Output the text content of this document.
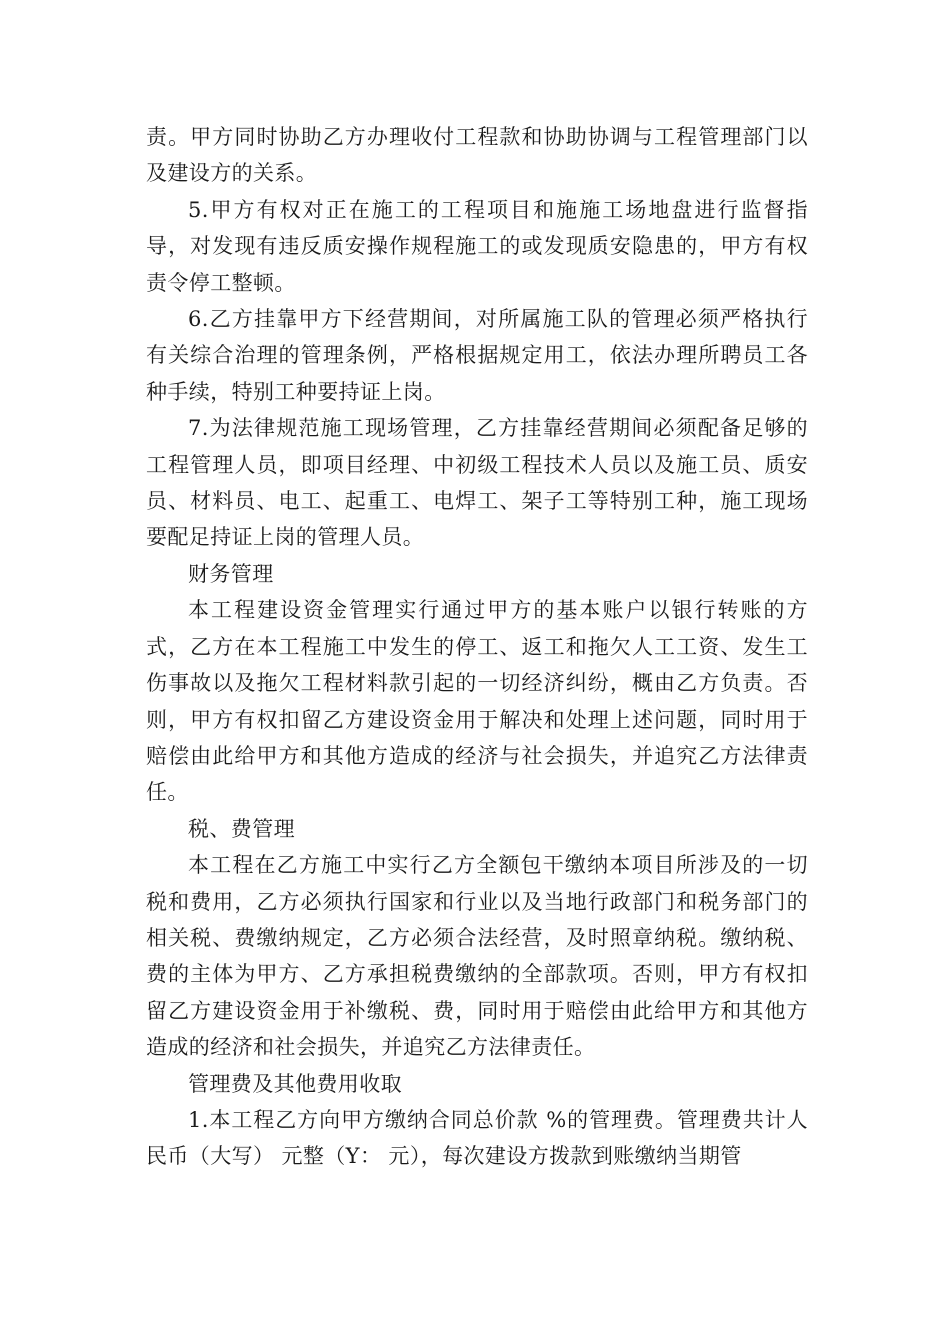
责。甲方同时协助乙方办理收付工程款和协助协调与工程管理部门以及建设方的关系。

5.甲方有权对正在施工的工程项目和施施工场地盘进行监督指导，对发现有违反质安操作规程施工的或发现质安隐患的，甲方有权责令停工整顿。

6.乙方挂靠甲方下经营期间，对所属施工队的管理必须严格执行有关综合治理的管理条例，严格根据规定用工，依法办理所聘员工各种手续，特别工种要持证上岗。

7.为法律规范施工现场管理，乙方挂靠经营期间必须配备足够的工程管理人员，即项目经理、中初级工程技术人员以及施工员、质安员、材料员、电工、起重工、电焊工、架子工等特别工种，施工现场要配足持证上岗的管理人员。

财务管理

本工程建设资金管理实行通过甲方的基本账户以银行转账的方式，乙方在本工程施工中发生的停工、返工和拖欠人工工资、发生工伤事故以及拖欠工程材料款引起的一切经济纠纷，概由乙方负责。否则，甲方有权扣留乙方建设资金用于解决和处理上述问题，同时用于赔偿由此给甲方和其他方造成的经济与社会损失，并追究乙方法律责任。

税、费管理

本工程在乙方施工中实行乙方全额包干缴纳本项目所涉及的一切税和费用，乙方必须执行国家和行业以及当地行政部门和税务部门的相关税、费缴纳规定，乙方必须合法经营，及时照章纳税。缴纳税、费的主体为甲方、乙方承担税费缴纳的全部款项。否则，甲方有权扣留乙方建设资金用于补缴税、费，同时用于赔偿由此给甲方和其他方造成的经济和社会损失，并追究乙方法律责任。

管理费及其他费用收取

1.本工程乙方向甲方缴纳合同总价款 %的管理费。管理费共计人民币（大写） 元整（Y： 元），每次建设方拨款到账缴纳当期管
